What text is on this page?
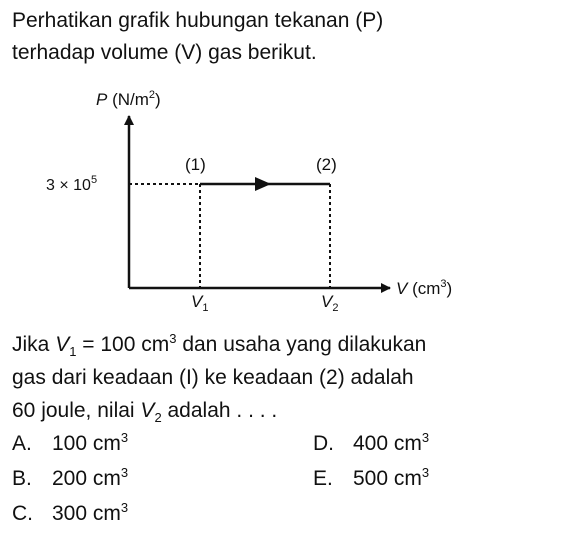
Perhatikan grafik hubungan tekanan (P)
terhadap volume (V) gas berikut.
P $(N/m^2)$
$3 \times 10^5$
(1)	(2)
$V_1$	$V_2$
V $(cm^3)$
Jika $V_1 = 100$ $cm^3$ dan usaha yang dilakukan
gas dari keadaan (I) ke keadaan (2) adalah
60 joule, nilai $V_2$ adalah . . . .
A. 100 $cm^3$
B. 200 $cm^3$
C. 300 $cm^3$
D. 400 $cm^3$
E. 500 $cm^3$
